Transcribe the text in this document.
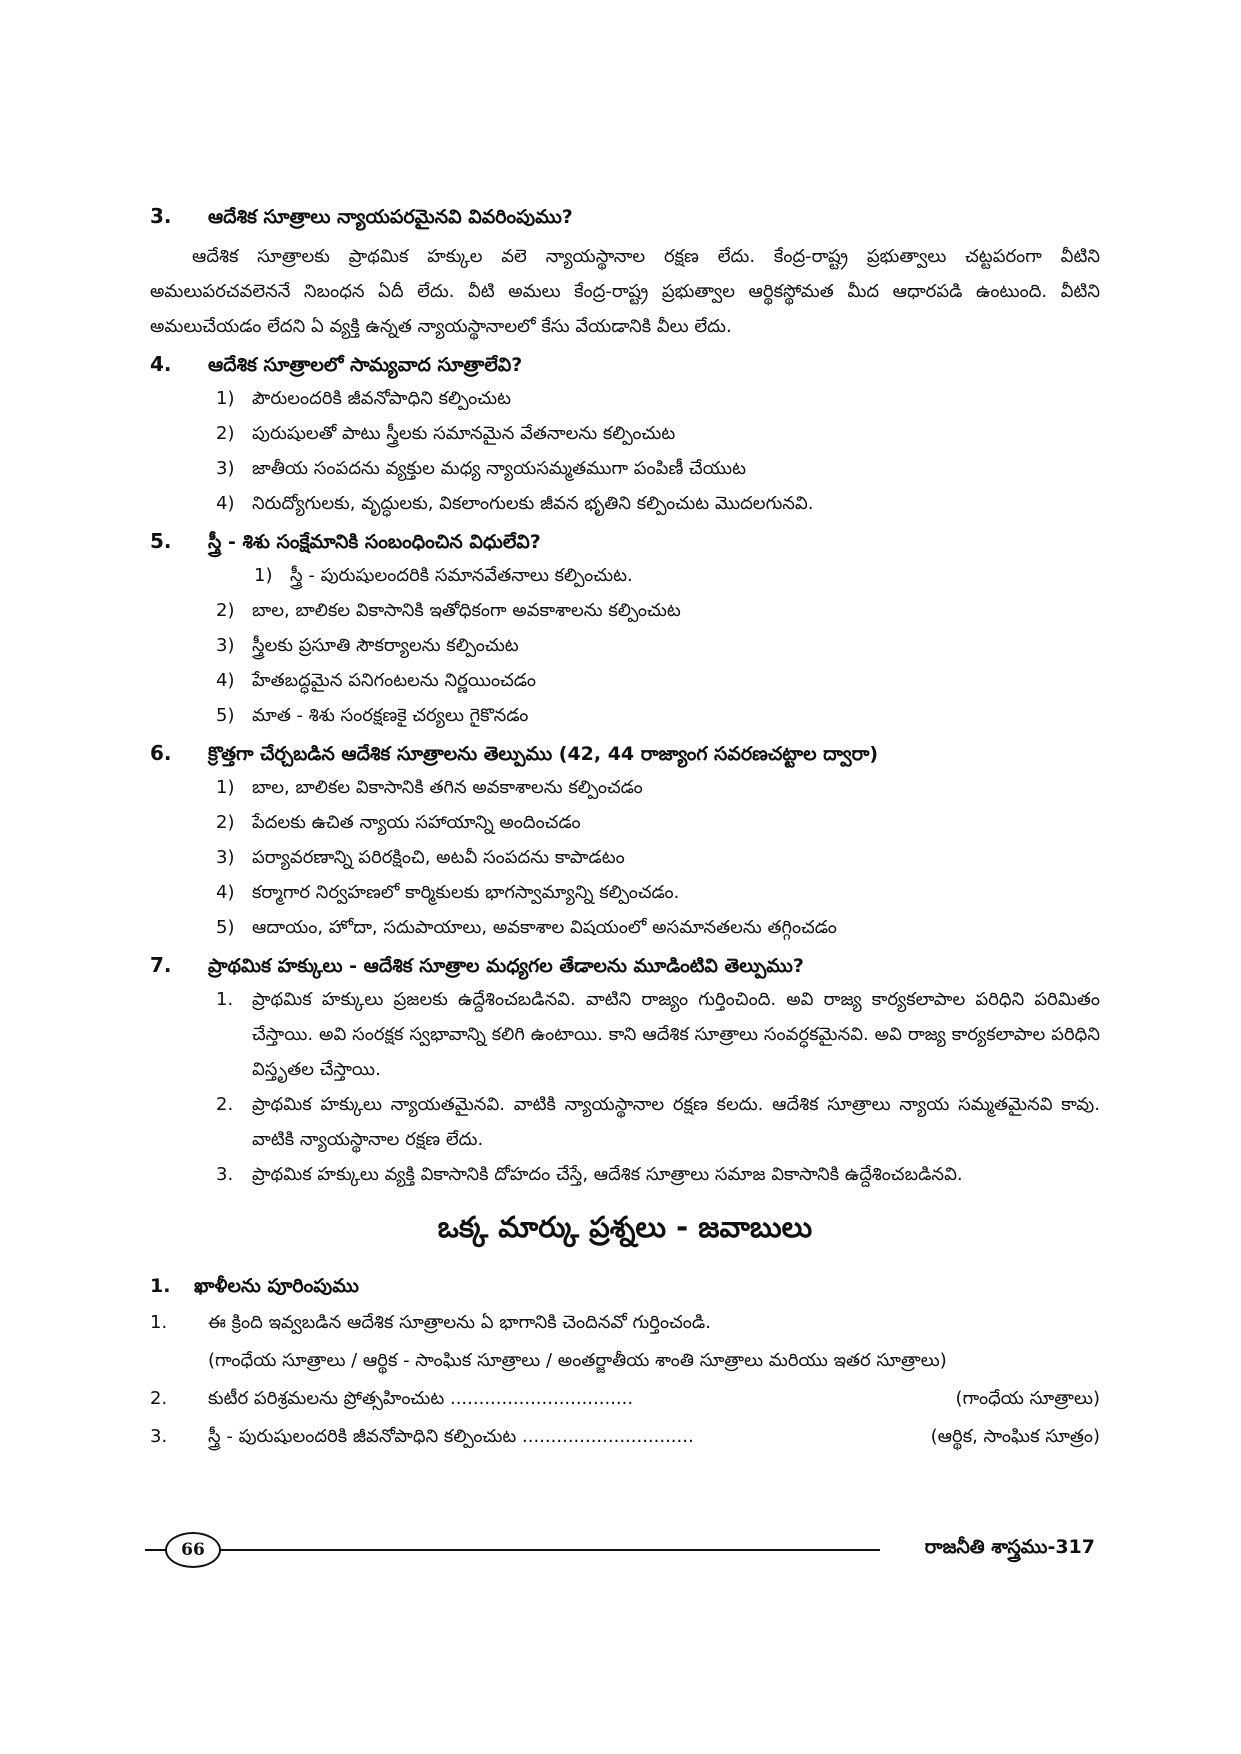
3.	ఆదేశిక సూత్రాలు న్యాయపరమైనవి వివరింపుము?

ఆదేశిక సూత్రాలకు ప్రాథమిక హక్కుల వలె న్యాయస్థానాల రక్షణ లేదు. కేంద్ర-రాష్ట్ర ప్రభుత్వాలు చట్టపరంగా వీటిని అమలుపరచవలెననే నిబంధన ఏదీ లేదు. వీటి అమలు కేంద్ర-రాష్ట్ర ప్రభుత్వాల ఆర్థికస్థోమత మీద ఆధారపడి ఉంటుంది. వీటిని అమలుచేయడం లేదని ఏ వ్యక్తి ఉన్నత న్యాయస్థానాలలో కేసు వేయడానికి వీలు లేదు.

4.	ఆదేశిక సూత్రాలలో సామ్యవాద సూత్రాలేవి?
1) పౌరులందరికి జీవనోపాధిని కల్పించుట
2) పురుషులతో పాటు స్త్రీలకు సమానమైన వేతనాలను కల్పించుట
3) జాతీయ సంపదను వ్యక్తుల మధ్య న్యాయసమ్మతముగా పంపిణీ చేయుట
4) నిరుద్యోగులకు, వృద్ధులకు, వికలాంగులకు జీవన భృతిని కల్పించుట మొదలగునవి.
5.	స్త్రీ - శిశు సంక్షేమానికి సంబంధించిన విధులేవి?
1) స్త్రీ - పురుషులందరికి సమానవేతనాలు కల్పించుట.
2) బాల, బాలికల వికాసానికి ఇతోధికంగా అవకాశాలను కల్పించుట
3) స్త్రీలకు ప్రసూతి సౌకర్యాలను కల్పించుట
4) హేతబద్ధమైన పనిగంటలను నిర్ణయించడం
5) మాత - శిశు సంరక్షణకై చర్యలు గైకొనడం
6.	క్రొత్తగా చేర్చబడిన ఆదేశిక సూత్రాలను తెల్పుము (42, 44 రాజ్యాంగ సవరణచట్టాల ద్వారా)
1) బాల, బాలికల వికాసానికి తగిన అవకాశాలను కల్పించడం
2) పేదలకు ఉచిత న్యాయ సహాయాన్ని అందించడం
3) పర్యావరణాన్ని పరిరక్షించి, అటవీ సంపదను కాపాడటం
4) కర్మాగార నిర్వహణలో కార్మికులకు భాగస్వామ్యాన్ని కల్పించడం.
5) ఆదాయం, హోదా, సదుపాయాలు, అవకాశాల విషయంలో అసమానతలను తగ్గించడం
7.	ప్రాథమిక హక్కులు - ఆదేశిక సూత్రాల మధ్యగల తేడాలను మూడింటివి తెల్పుము?
1.	ప్రాథమిక హక్కులు ప్రజలకు ఉద్దేశించబడినవి. వాటిని రాజ్యం గుర్తించింది. అవి రాజ్య కార్యకలాపాల పరిధిని పరిమితం చేస్తాయి. అవి సంరక్షక స్వభావాన్ని కలిగి ఉంటాయి. కాని ఆదేశిక సూత్రాలు సంవర్ధకమైనవి. అవి రాజ్య కార్యకలాపాల పరిధిని విస్తృతల చేస్తాయి.
2.	ప్రాథమిక హక్కులు న్యాయతమైనవి. వాటికి న్యాయస్థానాల రక్షణ కలదు. ఆదేశిక సూత్రాలు న్యాయ సమ్మతమైనవి కావు. వాటికి న్యాయస్థానాల రక్షణ లేదు.
3.	ప్రాథమిక హక్కులు వ్యక్తి వికాసానికి దోహదం చేస్తే, ఆదేశిక సూత్రాలు సమాజ వికాసానికి ఉద్దేశించబడినవి.
ఒక్క మార్కు ప్రశ్నలు - జవాబులు
1.	ఖాళీలను పూరింపుము
1.	ఈ క్రింది ఇవ్వబడిన ఆదేశిక సూత్రాలను ఏ భాగానికి చెందినవో గుర్తించండి.
(గాంధేయ సూత్రాలు / ఆర్థిక - సాంఘిక సూత్రాలు / అంతర్జాతీయ శాంతి సూత్రాలు మరియు ఇతర సూత్రాలు)
2.	కుటీర పరిశ్రమలను ప్రోత్సహించుట ................................	(గాంధేయ సూత్రాలు)
3.	స్త్రీ - పురుషులందరికి జీవనోపాధిని కల్పించుట ..............................	(ఆర్థిక, సాంఘిక సూత్రం)
66	రాజనీతి శాస్త్రము-317
